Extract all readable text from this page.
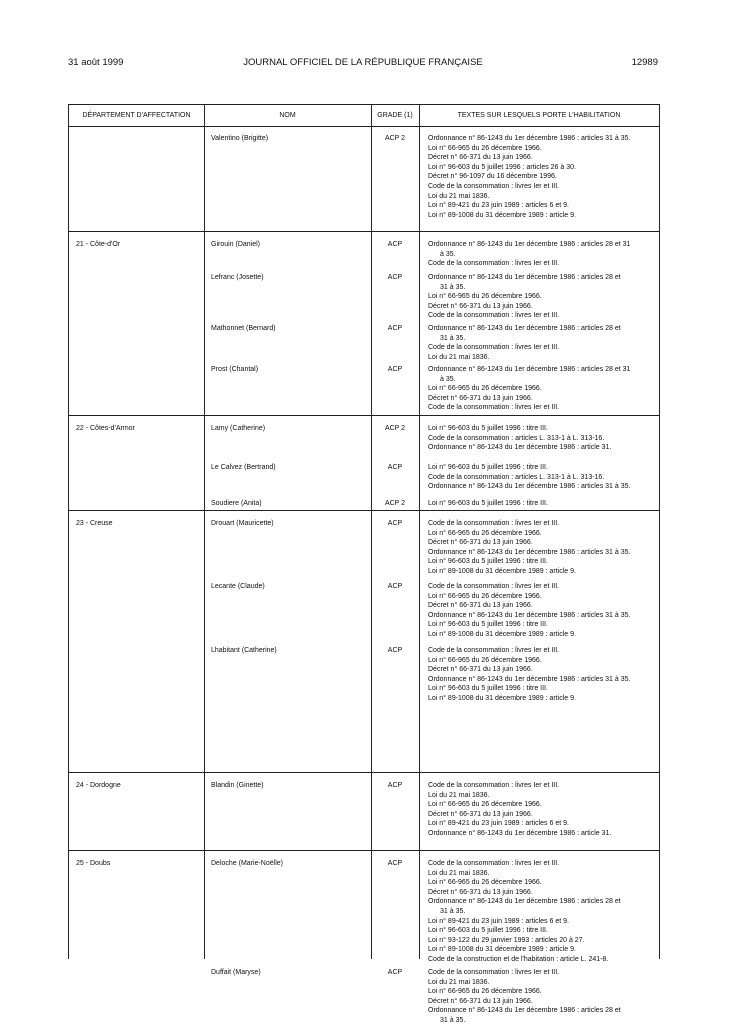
31 août 1999	JOURNAL OFFICIEL DE LA RÉPUBLIQUE FRANÇAISE	12989
DÉPARTEMENT D'AFFECTATION	NOM	GRADE (1)	TEXTES SUR LESQUELS PORTE L'HABILITATION
Valentino (Brigitte)	ACP 2	Ordonnance n° 86-1243 du 1er décembre 1986 : articles 31 à 35.
Loi n° 66-965 du 26 décembre 1966.
Décret n° 66-371 du 13 juin 1966.
Loi n° 96-603 du 5 juillet 1996 : articles 26 à 30.
Décret n° 96-1097 du 16 décembre 1996.
Code de la consommation : livres Ier et III.
Loi du 21 mai 1836.
Loi n° 89-421 du 23 juin 1989 : articles 6 et 9.
Loi n° 89-1008 du 31 décembre 1989 : article 9.
21 - Côte-d'Or	Girouin (Daniel)	ACP	Ordonnance n° 86-1243 du 1er décembre 1986 : articles 28 et 31
à 35.
Code de la consommation : livres Ier et III.
Lefranc (Josette)	ACP	Ordonnance n° 86-1243 du 1er décembre 1986 : articles 28 et
31 à 35.
Loi n° 66-965 du 26 décembre 1966.
Décret n° 66-371 du 13 juin 1966.
Code de la consommation : livres Ier et III.
Mathonnet (Bernard)	ACP	Ordonnance n° 86-1243 du 1er décembre 1986 : articles 28 et
31 à 35.
Code de la consommation : livres Ier et III.
Loi du 21 mai 1836.
Prost (Chantal)	ACP	Ordonnance n° 86-1243 du 1er décembre 1986 : articles 28 et 31
à 35.
Loi n° 66-965 du 26 décembre 1966.
Décret n° 66-371 du 13 juin 1966.
Code de la consommation : livres Ier et III.
22 - Côtes-d'Armor	Lamy (Catherine)	ACP 2	Loi n° 96-603 du 5 juillet 1996 : titre III.
Code de la consommation : articles L. 313-1 à L. 313-16.
Ordonnance n° 86-1243 du 1er décembre 1986 : article 31.
Le Calvez (Bertrand)	ACP	Loi n° 96-603 du 5 juillet 1996 : titre III.
Code de la consommation : articles L. 313-1 à L. 313-16.
Ordonnance n° 86-1243 du 1er décembre 1986 : articles 31 à 35.
Soudiere (Anita)	ACP 2	Loi n° 96-603 du 5 juillet 1996 : titre III.
23 - Creuse	Drouart (Mauricette)	ACP	Code de la consommation : livres Ier et III.
Loi n° 66-965 du 26 décembre 1966.
Décret n° 66-371 du 13 juin 1966.
Ordonnance n° 86-1243 du 1er décembre 1986 : articles 31 à 35.
Loi n° 96-603 du 5 juillet 1996 : titre III.
Loi n° 89-1008 du 31 décembre 1989 : article 9.
Lecante (Claude)	ACP	Code de la consommation : livres Ier et III.
Loi n° 66-965 du 26 décembre 1966.
Décret n° 66-371 du 13 juin 1966.
Ordonnance n° 86-1243 du 1er décembre 1986 : articles 31 à 35.
Loi n° 96-603 du 5 juillet 1996 : titre III.
Loi n° 89-1008 du 31 décembre 1989 : article 9.
Lhabitant (Catherine)	ACP	Code de la consommation : livres Ier et III.
Loi n° 66-965 du 26 décembre 1966.
Décret n° 66-371 du 13 juin 1966.
Ordonnance n° 86-1243 du 1er décembre 1986 : articles 31 à 35.
Loi n° 96-603 du 5 juillet 1996 : titre III.
Loi n° 89-1008 du 31 décembre 1989 : article 9.
24 - Dordogne	Blandin (Ginette)	ACP	Code de la consommation : livres Ier et III.
Loi du 21 mai 1836.
Loi n° 66-965 du 26 décembre 1966.
Décret n° 66-371 du 13 juin 1966.
Loi n° 89-421 du 23 juin 1989 : articles 6 et 9.
Ordonnance n° 86-1243 du 1er décembre 1986 : article 31.
25 - Doubs	Deloche (Marie-Noëlle)	ACP	Code de la consommation : livres Ier et III.
Loi du 21 mai 1836.
Loi n° 66-965 du 26 décembre 1966.
Décret n° 66-371 du 13 juin 1966.
Ordonnance n° 86-1243 du 1er décembre 1986 : articles 28 et
31 à 35.
Loi n° 89-421 du 23 juin 1989 : articles 6 et 9.
Loi n° 96-603 du 5 juillet 1996 : titre III.
Loi n° 93-122 du 29 janvier 1993 : articles 20 à 27.
Loi n° 89-1008 du 31 décembre 1989 : article 9.
Code de la construction et de l'habitation : article L. 241-8.
Duffait (Maryse)	ACP	Code de la consommation : livres Ier et III.
Loi du 21 mai 1836.
Loi n° 66-965 du 26 décembre 1966.
Décret n° 66-371 du 13 juin 1966.
Ordonnance n° 86-1243 du 1er décembre 1986 : articles 28 et
31 à 35.
